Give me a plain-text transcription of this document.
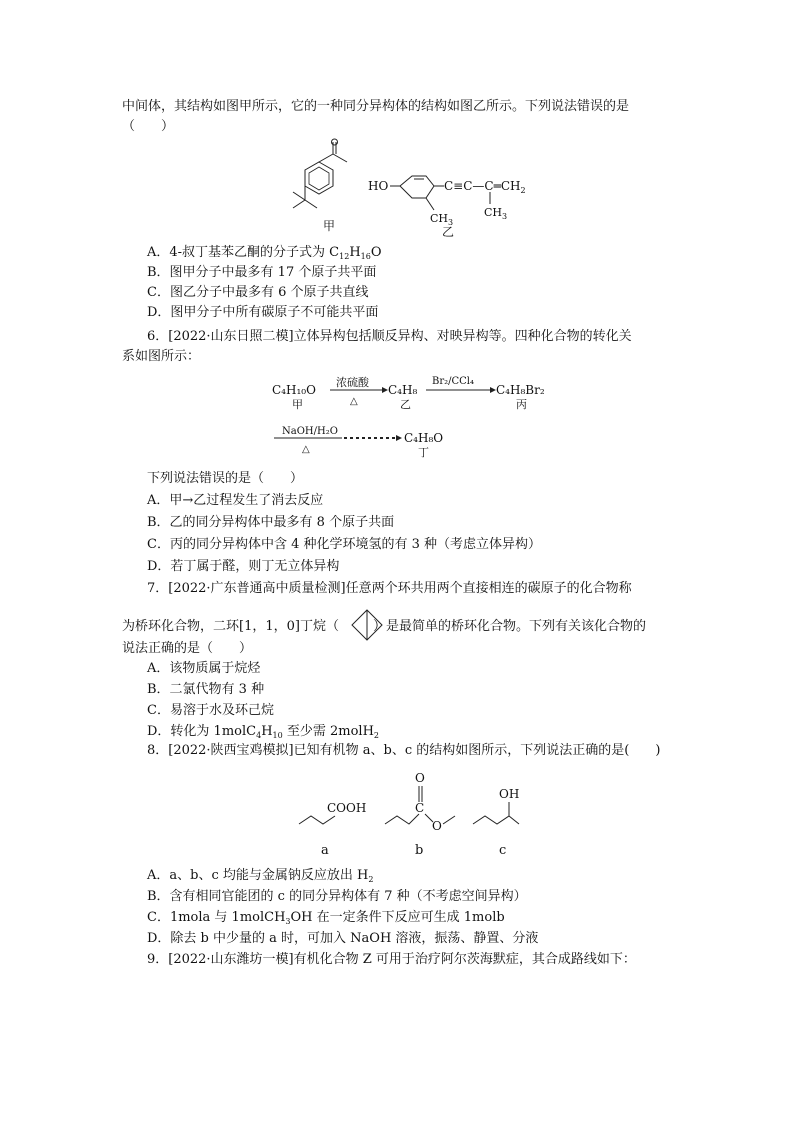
中间体，其结构如图甲所示，它的一种同分异构体的结构如图乙所示。下列说法错误的是
（　　）
甲
HO
$CH_3$
$C\equiv C—C═CH_2$
$CH_3$
乙
A．4-叔丁基苯乙酮的分子式为 $C_{12}H_{16}O$
B．图甲分子中最多有 17 个原子共平面
C．图乙分子中最多有 6 个原子共直线
D．图甲分子中所有碳原子不可能共平面
6．[2022·山东日照二模]立体异构包括顺反异构、对映异构等。四种化合物的转化关
系如图所示：
C₄H₁₀O
甲
浓硫酸
△
C₄H₈
乙
Br₂/CCl₄
C₄H₈Br₂
丙
NaOH/H₂O
△
C₄H₈O
丁
下列说法错误的是（　　）
A．甲→乙过程发生了消去反应
B．乙的同分异构体中最多有 8 个原子共面
C．丙的同分异构体中含 4 种化学环境氢的有 3 种（考虑立体异构）
D．若丁属于醛，则丁无立体异构
7．[2022·广东普通高中质量检测]任意两个环共用两个直接相连的碳原子的化合物称
为桥环化合物，二环[1，1，0]丁烷（	）是最简单的桥环化合物。下列有关该化合物的
说法正确的是（　　）
A．该物质属于烷烃
B．二氯代物有 3 种
C．易溶于水及环己烷
D．转化为 $1molC_4H_{10}$ 至少需 2molH$_2$
8．[2022·陕西宝鸡模拟]已知有机物 a、b、c 的结构如图所示，下列说法正确的是(　　)
COOH
a
O
C
O
b
OH
c
A．a、b、c 均能与金属钠反应放出 $H_2$
B．含有相同官能团的 c 的同分异构体有 7 种（不考虑空间异构）
C．1mola 与 1molCH$_3$OH 在一定条件下反应可生成 1molb
D．除去 b 中少量的 a 时，可加入 NaOH 溶液，振荡、静置、分液
9．[2022·山东潍坊一模]有机化合物 Z 可用于治疗阿尔茨海默症，其合成路线如下：
